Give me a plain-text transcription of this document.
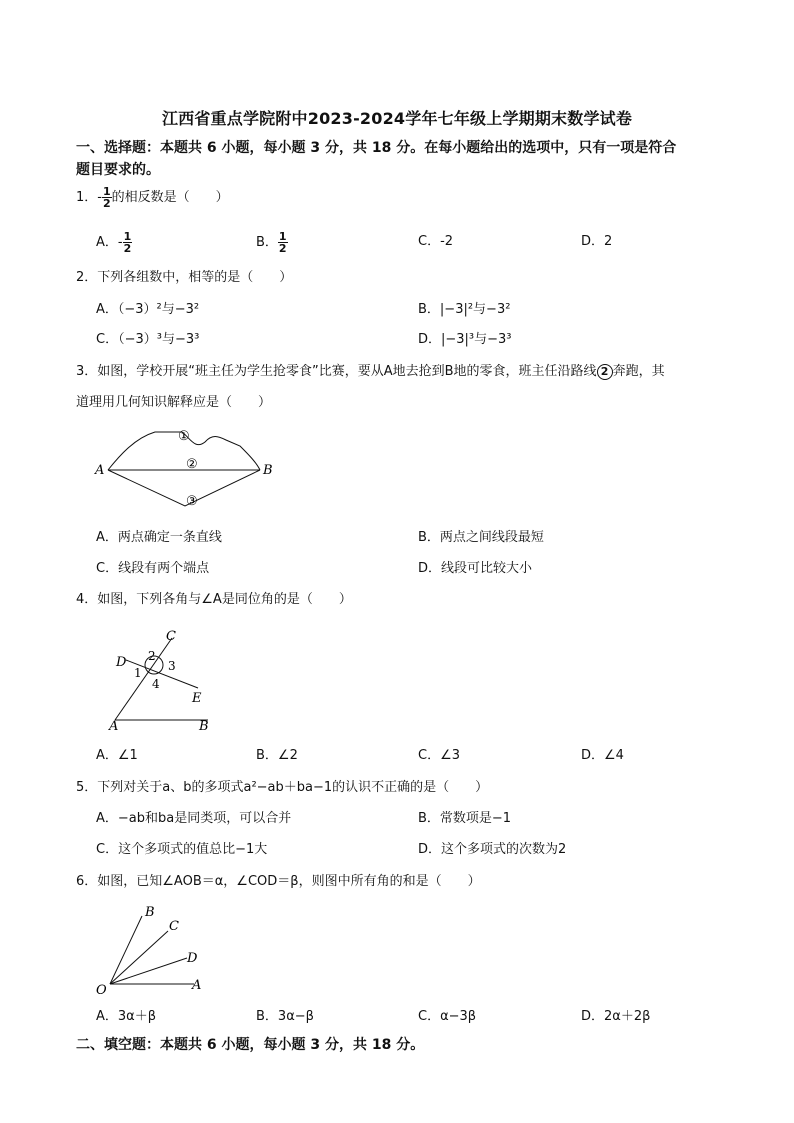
江西省重点学院附中2023-2024学年七年级上学期期末数学试卷
一、选择题：本题共 6 小题，每小题 3 分，共 18 分。在每小题给出的选项中，只有一项是符合
题目要求的。
1．- $\frac{1}{2}$ 的相反数是（　　）
A．- $\frac{1}{2}$	B． $\frac{1}{2}$	C．-2	D．2
2．下列各组数中，相等的是（　　）
A．（−3）²与−3²	B．|−3|²与−3²
C．（−3）³与−3³	D．|−3|³与−3³
3．如图，学校开展“班主任为学生抢零食”比赛，要从A地去抢到B地的零食，班主任沿路线 2 奔跑，其
道理用几何知识解释应是（　　）
A	B
①
②
③
A．两点确定一条直线	B．两点之间线段最短
C．线段有两个端点	D．线段可比较大小
4．如图，下列各角与∠A是同位角的是（　　）
A	B
C
D
E
1
2
3
4
A．∠1	B．∠2	C．∠3	D．∠4
5．下列对关于a、b的多项式a²−ab＋ba−1的认识不正确的是（　　）
A．−ab和ba是同类项，可以合并	B．常数项是−1
C．这个多项式的值总比−1大	D．这个多项式的次数为2
6．如图，已知∠AOB＝α，∠COD＝β，则图中所有角的和是（　　）
O	A
D
C
B
A．3α＋β	B．3α−β	C．α−3β	D．2α＋2β
二、填空题：本题共 6 小题，每小题 3 分，共 18 分。
